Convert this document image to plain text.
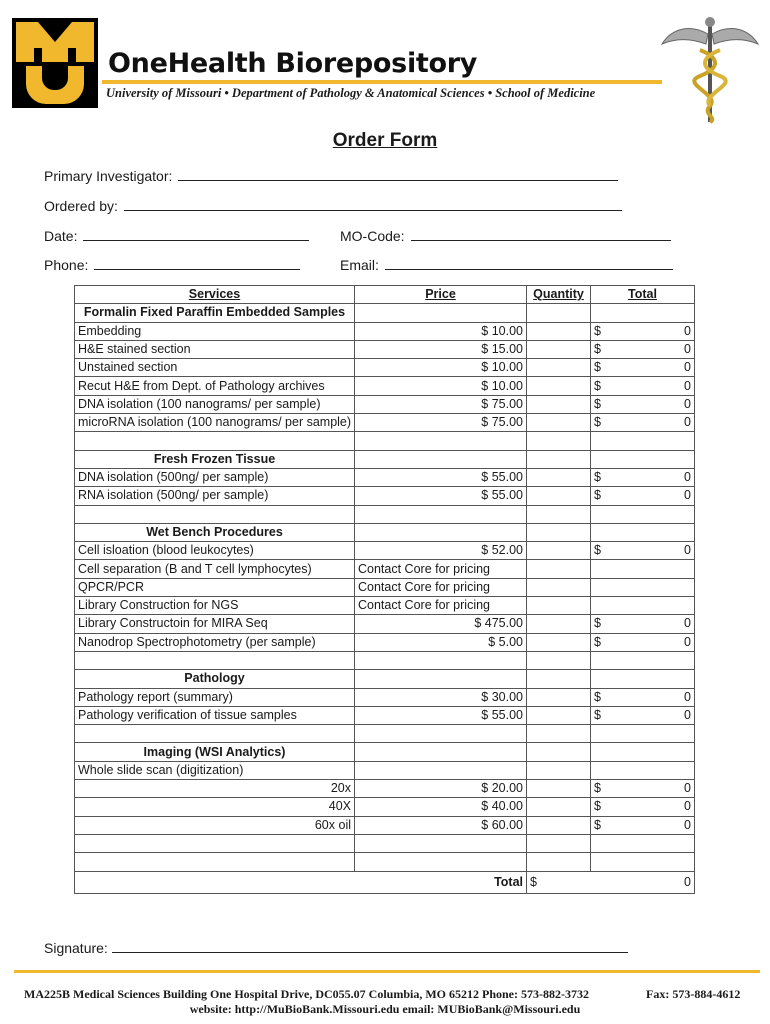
OneHealth Biorepository
University of Missouri • Department of Pathology & Anatomical Sciences • School of Medicine
Order Form
Primary Investigator:
Ordered by:
Date:	MO-Code:
Phone:	Email:
Services	Price	Quantity	Total
Formalin Fixed Paraffin Embedded Samples			
Embedding	$ 10.00		$ 0
H&E stained section	$ 15.00		$ 0
Unstained section	$ 10.00		$ 0
Recut H&E from Dept. of Pathology archives	$ 10.00		$ 0
DNA isolation (100 nanograms/ per sample)	$ 75.00		$ 0
microRNA isolation (100 nanograms/ per sample)	$ 75.00		$ 0

Fresh Frozen Tissue			
DNA isolation (500ng/ per sample)	$ 55.00		$ 0
RNA isolation (500ng/ per sample)	$ 55.00		$ 0

Wet Bench Procedures			
Cell isloation (blood leukocytes)	$ 52.00		$ 0
Cell separation (B and T cell lymphocytes)	Contact Core for pricing		
QPCR/PCR	Contact Core for pricing		
Library Construction for NGS	Contact Core for pricing		
Library Constructoin for MIRA Seq	$ 475.00		$ 0
Nanodrop Spectrophotometry (per sample)	$ 5.00		$ 0

Pathology			
Pathology report (summary)	$ 30.00		$ 0
Pathology verification of tissue samples	$ 55.00		$ 0

Imaging (WSI Analytics)			
Whole slide scan (digitization)			
20x	$ 20.00		$ 0
40X	$ 40.00		$ 0
60x oil	$ 60.00		$ 0

Total		$ 0	
Signature:
MA225B Medical Sciences Building One Hospital Drive, DC055.07 Columbia, MO 65212 Phone: 573-882-3732	Fax: 573-884-4612
website: http://MuBioBank.Missouri.edu email: MUBioBank@Missouri.edu
